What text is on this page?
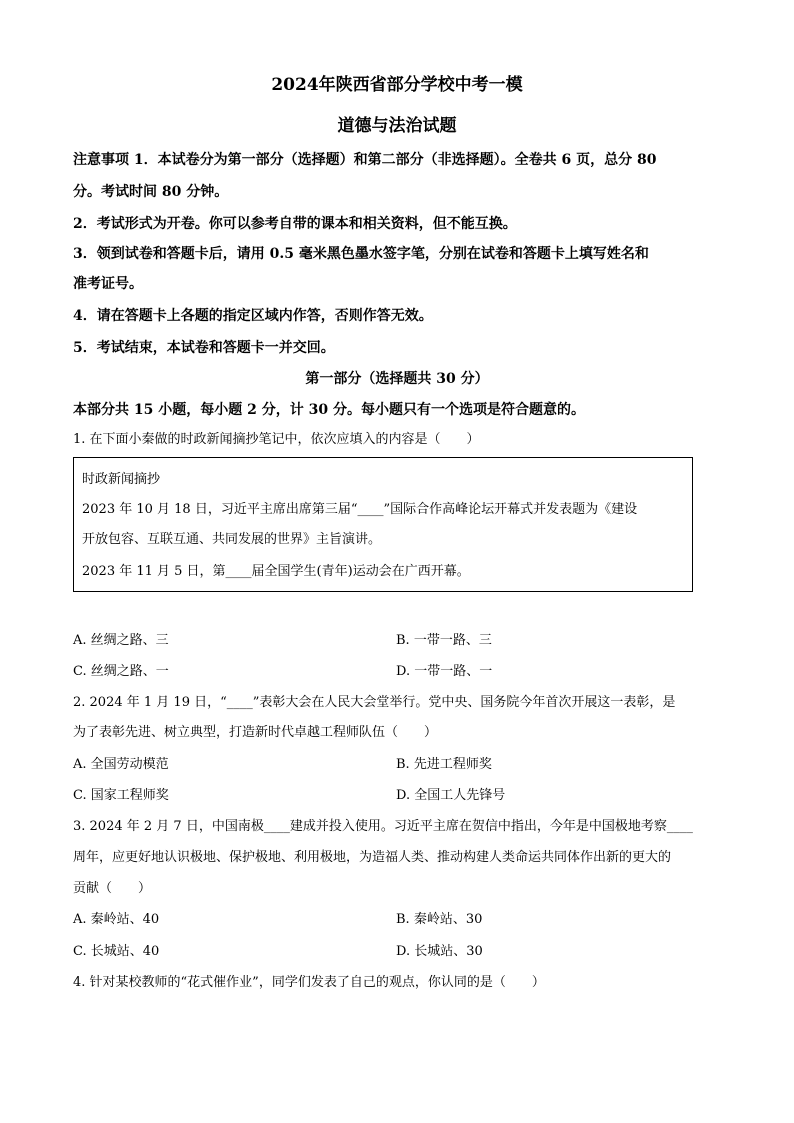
2024年陕西省部分学校中考一模
道德与法治试题
注意事项 1．本试卷分为第一部分（选择题）和第二部分（非选择题）。全卷共 6 页，总分 80
分。考试时间 80 分钟。
2．考试形式为开卷。你可以参考自带的课本和相关资料，但不能互换。
3．领到试卷和答题卡后，请用 0.5 毫米黑色墨水签字笔，分别在试卷和答题卡上填写姓名和
准考证号。
4．请在答题卡上各题的指定区域内作答，否则作答无效。
5．考试结束，本试卷和答题卡一并交回。
第一部分（选择题共 30 分）
本部分共 15 小题，每小题 2 分，计 30 分。每小题只有一个选项是符合题意的。
1. 在下面小秦做的时政新闻摘抄笔记中，依次应填入的内容是（　　）
时政新闻摘抄
2023 年 10 月 18 日，习近平主席出席第三届“____”国际合作高峰论坛开幕式并发表题为《建设
开放包容、互联互通、共同发展的世界》主旨演讲。
2023 年 11 月 5 日，第____届全国学生(青年)运动会在广西开幕。
A. 丝绸之路、三	B. 一带一路、三
C. 丝绸之路、一	D. 一带一路、一
2. 2024 年 1 月 19 日，“____”表彰大会在人民大会堂举行。党中央、国务院今年首次开展这一表彰，是
为了表彰先进、树立典型，打造新时代卓越工程师队伍（　　）
A. 全国劳动模范	B. 先进工程师奖
C. 国家工程师奖	D. 全国工人先锋号
3. 2024 年 2 月 7 日，中国南极____建成并投入使用。习近平主席在贺信中指出，今年是中国极地考察____
周年，应更好地认识极地、保护极地、利用极地，为造福人类、推动构建人类命运共同体作出新的更大的
贡献（　　）
A. 秦岭站、40	B. 秦岭站、30
C. 长城站、40	D. 长城站、30
4. 针对某校教师的“花式催作业”，同学们发表了自己的观点，你认同的是（　　）
